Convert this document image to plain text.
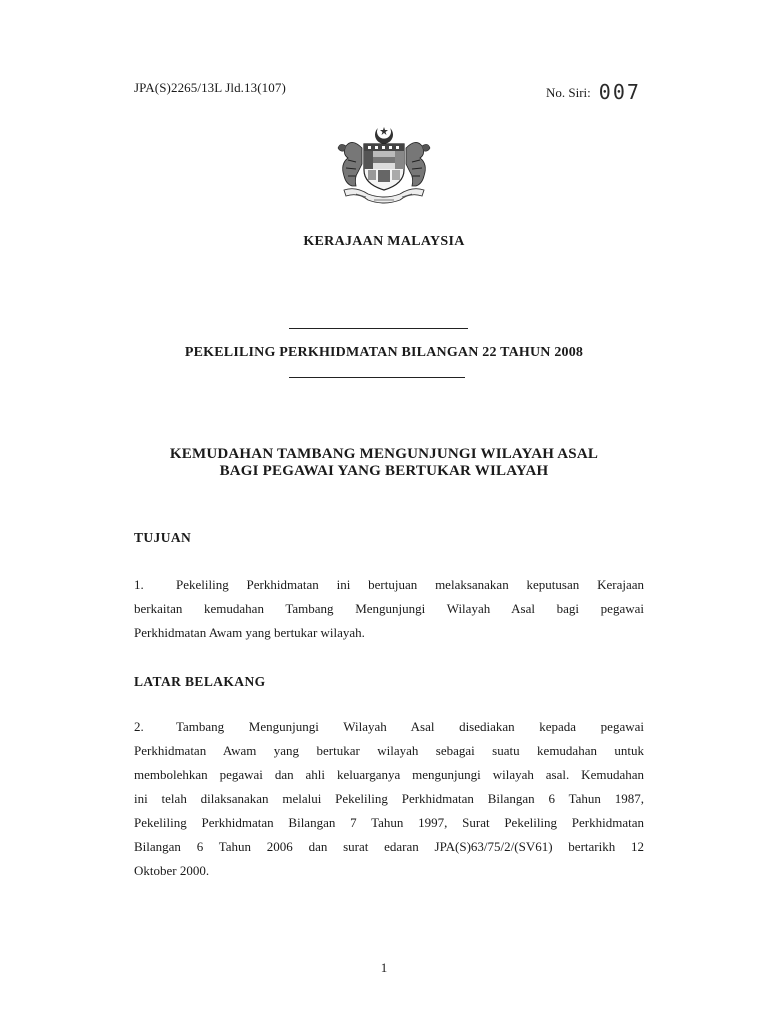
JPA(S)2265/13L Jld.13(107)	No. Siri: 007
KERAJAAN MALAYSIA
PEKELILING PERKHIDMATAN BILANGAN 22 TAHUN 2008
KEMUDAHAN TAMBANG MENGUNJUNGI WILAYAH ASAL
BAGI PEGAWAI YANG BERTUKAR WILAYAH
TUJUAN
1. Pekeliling Perkhidmatan ini bertujuan melaksanakan keputusan Kerajaan
berkaitan kemudahan Tambang Mengunjungi Wilayah Asal bagi pegawai
Perkhidmatan Awam yang bertukar wilayah.
LATAR BELAKANG
2. Tambang Mengunjungi Wilayah Asal disediakan kepada pegawai
Perkhidmatan Awam yang bertukar wilayah sebagai suatu kemudahan untuk
membolehkan pegawai dan ahli keluarganya mengunjungi wilayah asal. Kemudahan
ini telah dilaksanakan melalui Pekeliling Perkhidmatan Bilangan 6 Tahun 1987,
Pekeliling Perkhidmatan Bilangan 7 Tahun 1997, Surat Pekeliling Perkhidmatan
Bilangan 6 Tahun 2006 dan surat edaran JPA(S)63/75/2/(SV61) bertarikh 12
Oktober 2000.
1
